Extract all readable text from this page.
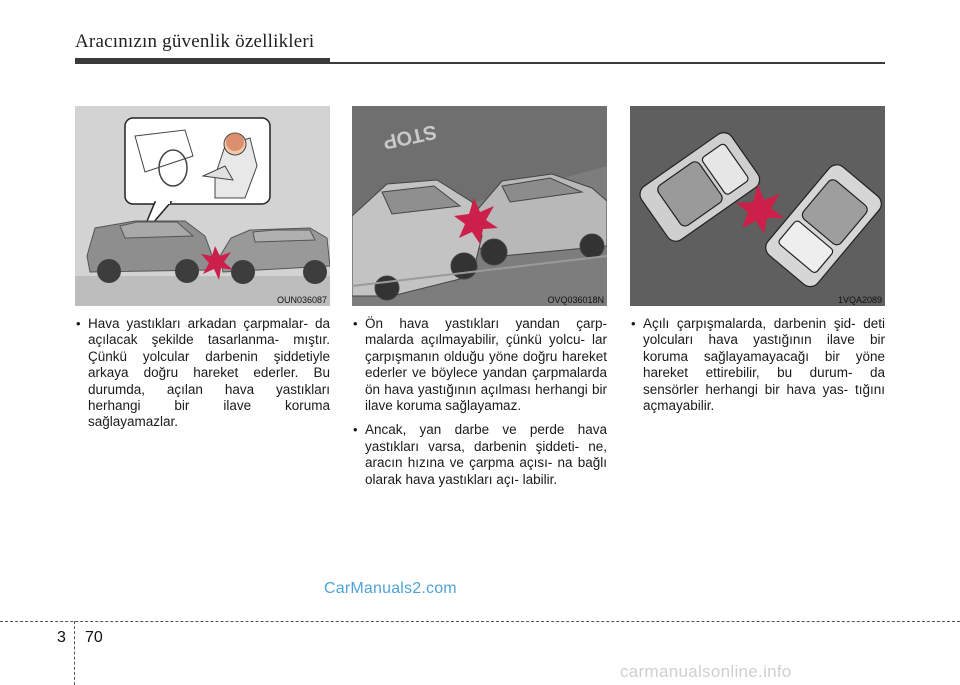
Aracınızın güvenlik özellikleri
OUN036087
• Hava yastıkları arkadan çarpmalar- da açılacak şekilde tasarlanma- mıştır. Çünkü yolcular darbenin şiddetiyle arkaya doğru hareket ederler. Bu durumda, açılan hava yastıkları herhangi bir ilave koruma sağlayamazlar.
STOP
OVQ036018N
• Ön hava yastıkları yandan çarp- malarda açılmayabilir, çünkü yolcu- lar çarpışmanın olduğu yöne doğru hareket ederler ve böylece yandan çarpmalarda ön hava yastığının açılması herhangi bir ilave koruma sağlayamaz.
• Ancak, yan darbe ve perde hava yastıkları varsa, darbenin şiddeti- ne, aracın hızına ve çarpma açısı- na bağlı olarak hava yastıkları açı- labilir.
1VQA2089
• Açılı çarpışmalarda, darbenin şid- deti yolcuları hava yastığının ilave bir koruma sağlayamayacağı bir yöne hareket ettirebilir, bu durum- da sensörler herhangi bir hava yas- tığını açmayabilir.
CarManuals2.com
3 70
carmanualsonline.info
